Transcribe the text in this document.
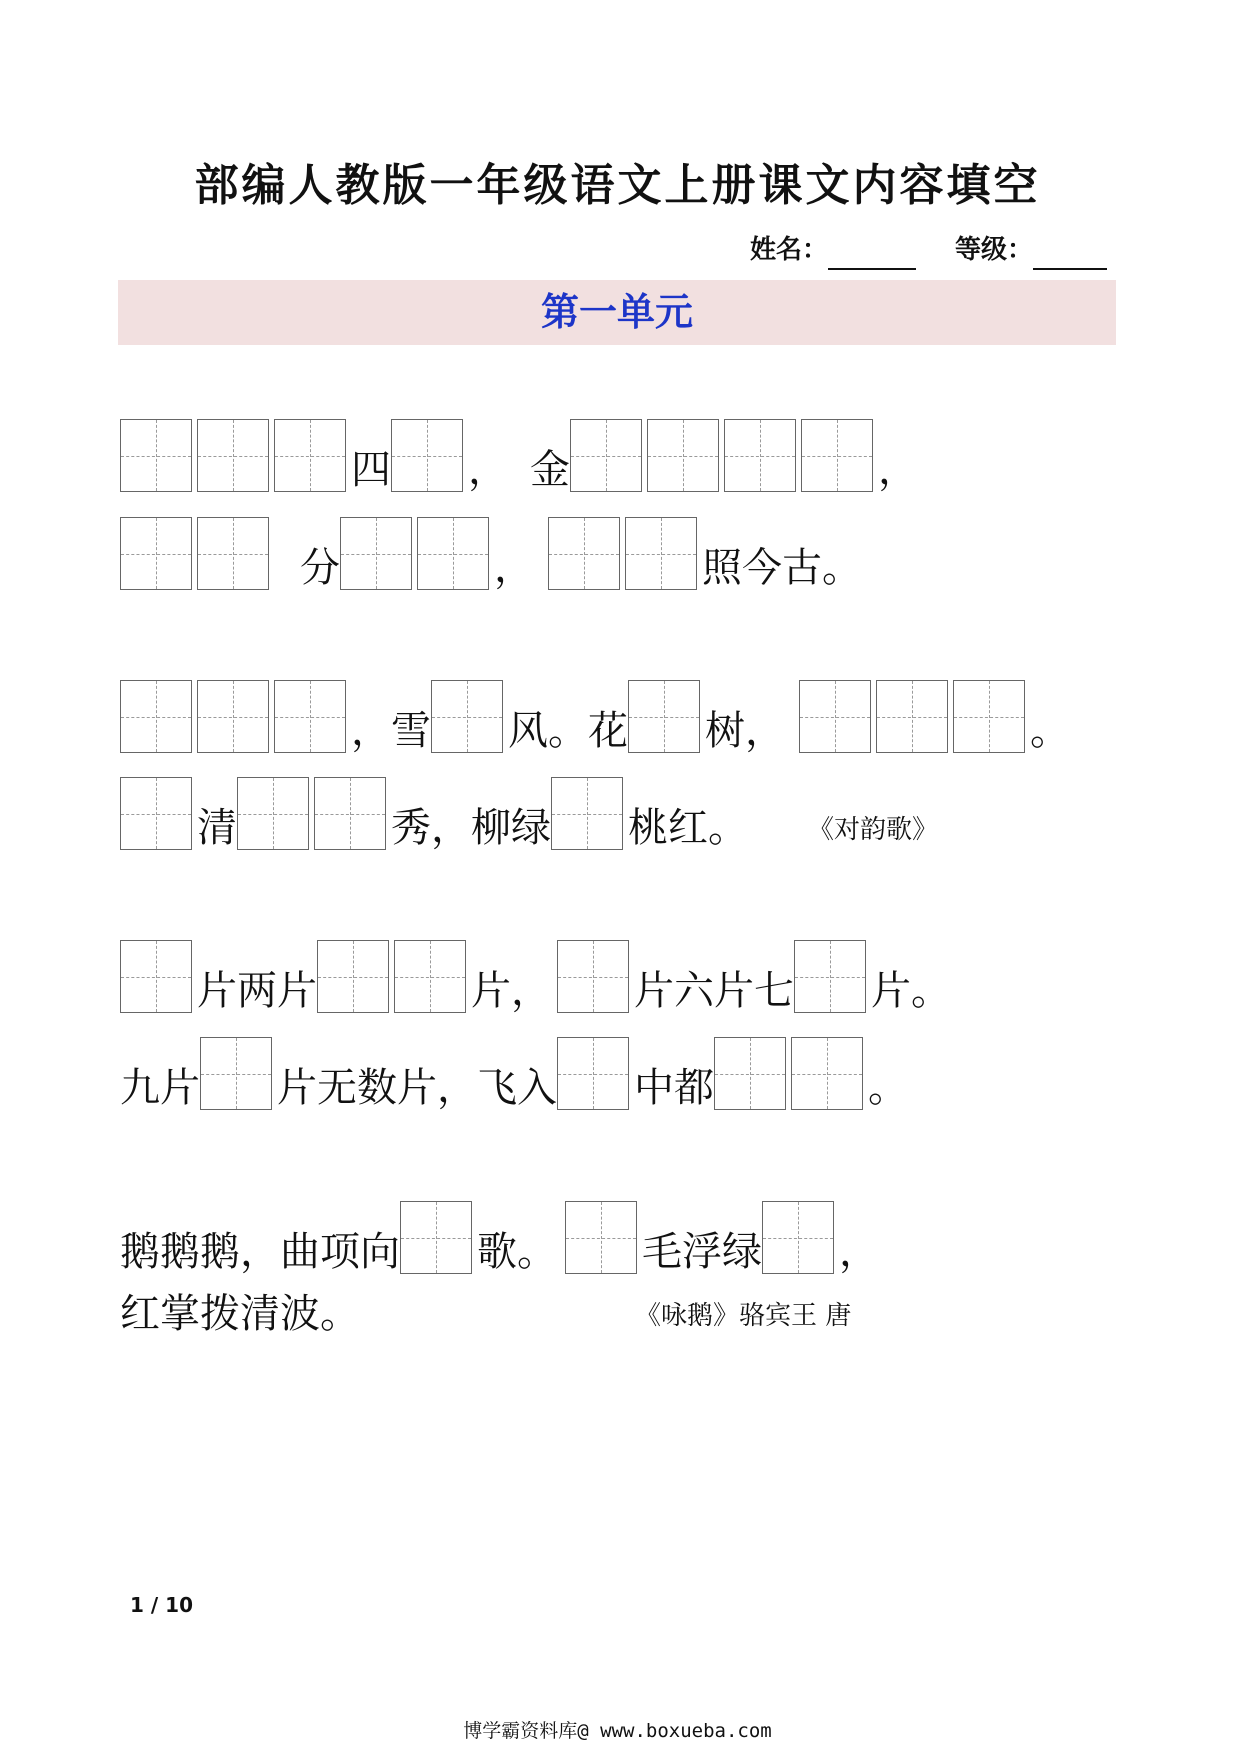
部编人教版一年级语文上册课文内容填空
姓名：	等级：
第一单元
四 ， 金	，
分	，	照今古。
，雪 风。花 树，	。
清	秀，柳绿 桃红。 《对韵歌》
片两片	片， 片六片七 片。
九片 片无数片，飞入 中都	。
鹅鹅鹅，曲项向 歌。 毛浮绿 ，
红掌拨清波。	《咏鹅》骆宾王 唐
1 / 10
博学霸资料库@ www.boxueba.com
